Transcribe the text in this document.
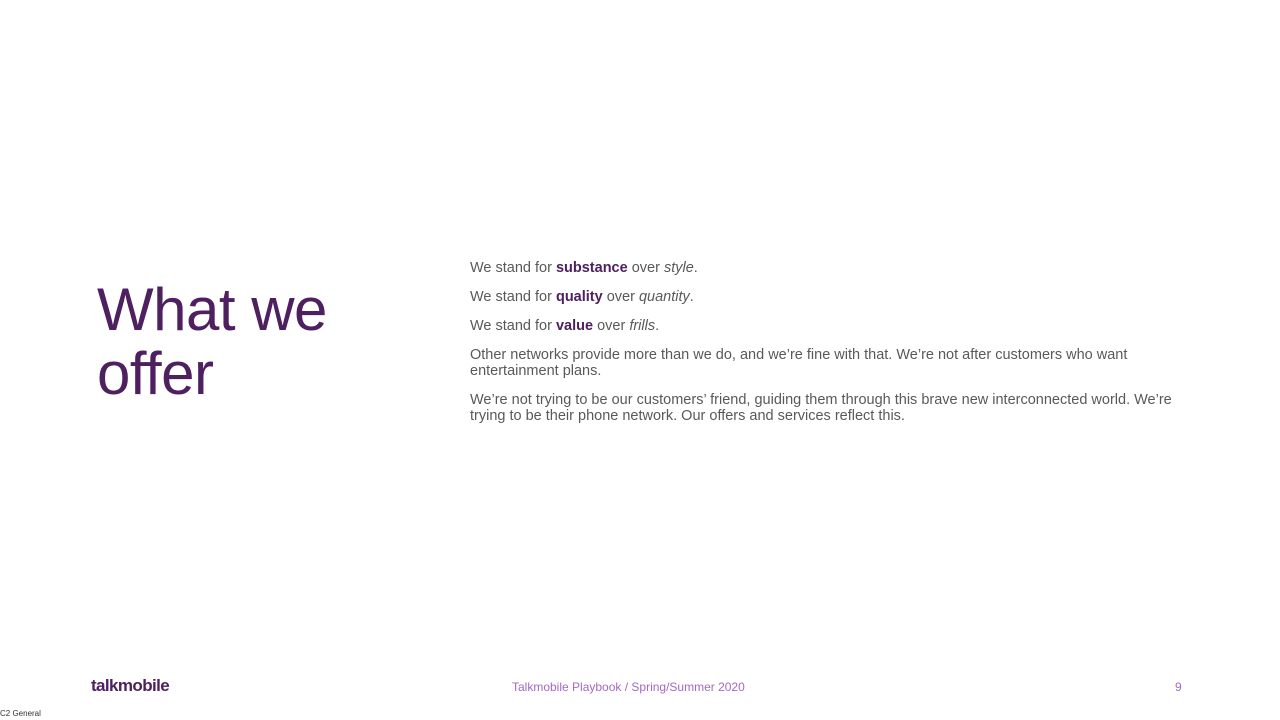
What we
offer

We stand for substance over style.

We stand for quality over quantity.

We stand for value over frills.

Other networks provide more than we do, and we’re fine with that. We’re not after customers who want entertainment plans.

We’re not trying to be our customers’ friend, guiding them through this brave new interconnected world. We’re trying to be their phone network. Our offers and services reflect this.

talkmobile	Talkmobile Playbook / Spring/Summer 2020	9
C2 General
